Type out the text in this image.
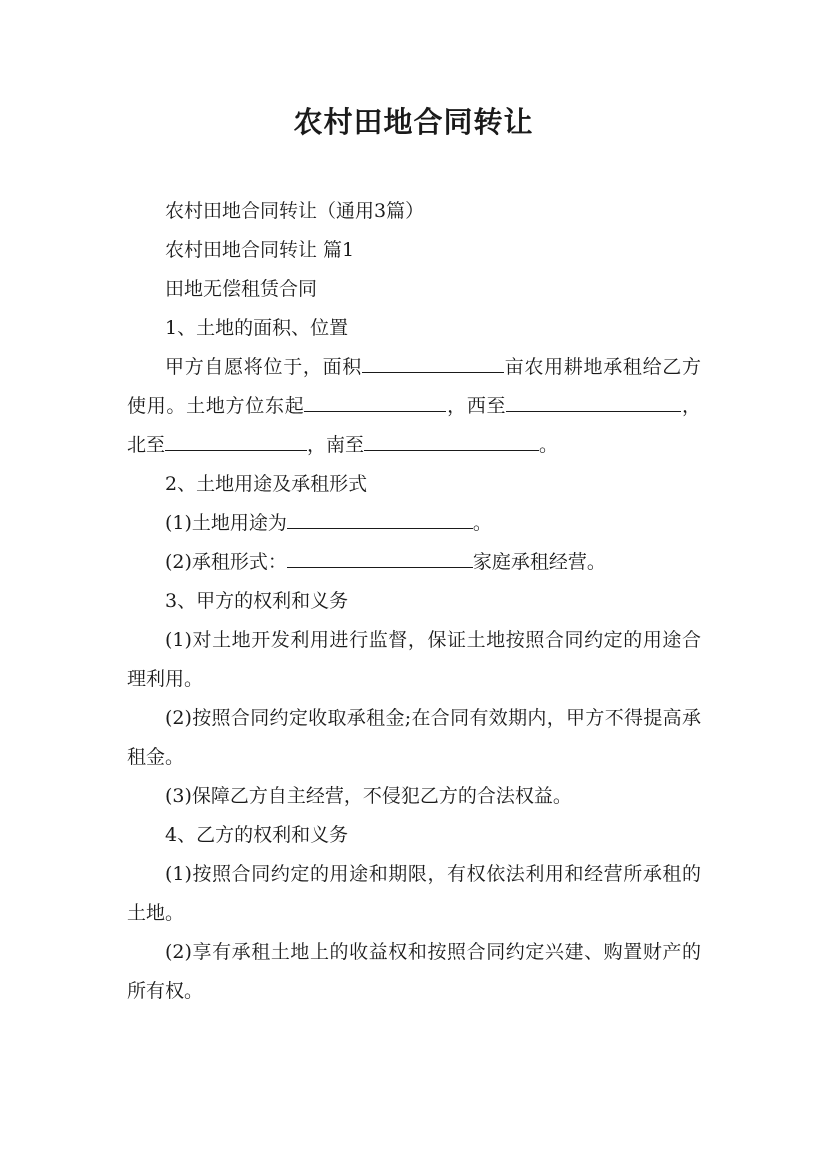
农村田地合同转让

农村田地合同转让（通用3篇）

农村田地合同转让 篇1

田地无偿租赁合同

1、土地的面积、位置

甲方自愿将位于，面积	亩农用耕地承租给乙方使用。土地方位东起	，西至	，北至	，南至	。

2、土地用途及承租形式

(1)土地用途为	。

(2)承租形式：	家庭承租经营。

3、甲方的权利和义务

(1)对土地开发利用进行监督，保证土地按照合同约定的用途合理利用。

(2)按照合同约定收取承租金;在合同有效期内，甲方不得提高承租金。

(3)保障乙方自主经营，不侵犯乙方的合法权益。

4、乙方的权利和义务

(1)按照合同约定的用途和期限，有权依法利用和经营所承租的土地。

(2)享有承租土地上的收益权和按照合同约定兴建、购置财产的所有权。
